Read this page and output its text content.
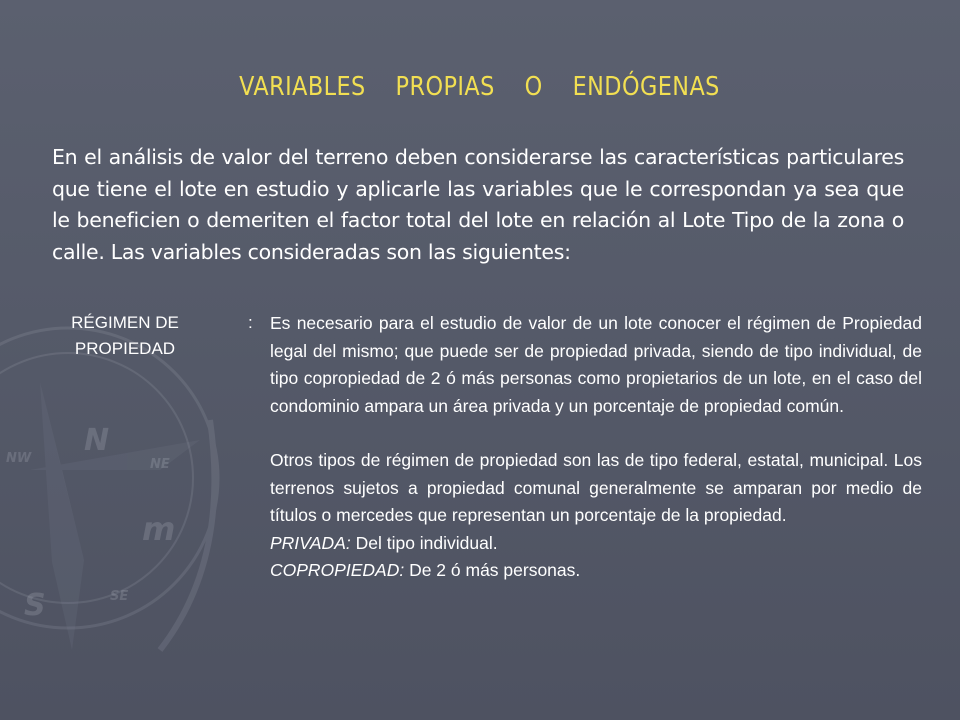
N
S
NW	NE
SE
m
VARIABLES PROPIAS O ENDÓGENAS
En el análisis de valor del terreno deben considerarse las características particulares que tiene el lote en estudio y aplicarle las variables que le correspondan ya sea que le beneficien o demeriten el factor total del lote en relación al Lote Tipo de la zona o calle. Las variables consideradas son las siguientes:
RÉGIMEN DE PROPIEDAD
: Es necesario para el estudio de valor de un lote conocer el régimen de Propiedad legal del mismo; que puede ser de propiedad privada, siendo de tipo individual, de tipo copropiedad de 2 ó más personas como propietarios de un lote, en el caso del condominio ampara un área privada y un porcentaje de propiedad común.

Otros tipos de régimen de propiedad son las de tipo federal, estatal, municipal. Los terrenos sujetos a propiedad comunal generalmente se amparan por medio de títulos o mercedes que representan un porcentaje de la propiedad.

PRIVADA: Del tipo individual.
COPROPIEDAD: De 2 ó más personas.
